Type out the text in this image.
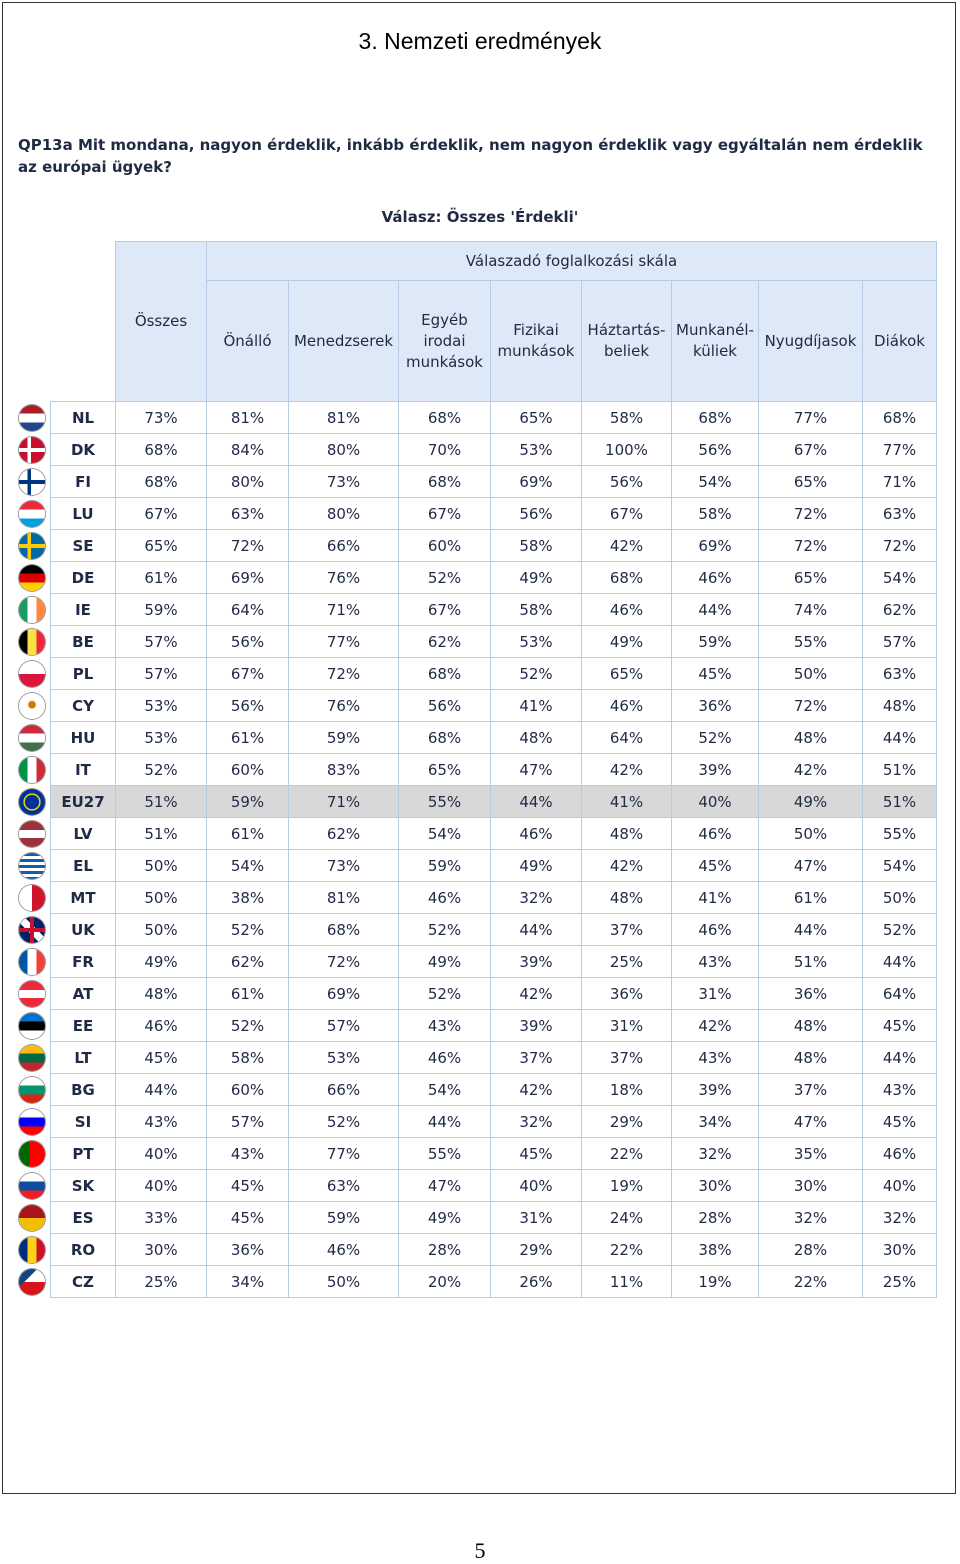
3. Nemzeti eredmények
QP13a Mit mondana, nagyon érdeklik, inkább érdeklik, nem nagyon érdeklik vagy egyáltalán nem érdeklik az európai ügyek?
Válasz: Összes 'Érdekli'
		Összes	Válaszadó foglalkozási skála							
			Önálló	Menedzserek	Egyéb irodai munkások	Fizikai munkások	Háztartás-beliek	Munkanél-küliek	Nyugdíjasok	Diákok

	NL	73%	81%	81%	68%	65%	58%	68%	77%	68%

	DK	68%	84%	80%	70%	53%	100%	56%	67%	77%

	FI	68%	80%	73%	68%	69%	56%	54%	65%	71%

	LU	67%	63%	80%	67%	56%	67%	58%	72%	63%

	SE	65%	72%	66%	60%	58%	42%	69%	72%	72%

	DE	61%	69%	76%	52%	49%	68%	46%	65%	54%

	IE	59%	64%	71%	67%	58%	46%	44%	74%	62%

	BE	57%	56%	77%	62%	53%	49%	59%	55%	57%

	PL	57%	67%	72%	68%	52%	65%	45%	50%	63%

	CY	53%	56%	76%	56%	41%	46%	36%	72%	48%

	HU	53%	61%	59%	68%	48%	64%	52%	48%	44%

	IT	52%	60%	83%	65%	47%	42%	39%	42%	51%

	EU27	51%	59%	71%	55%	44%	41%	40%	49%	51%

	LV	51%	61%	62%	54%	46%	48%	46%	50%	55%

	EL	50%	54%	73%	59%	49%	42%	45%	47%	54%

	MT	50%	38%	81%	46%	32%	48%	41%	61%	50%

	UK	50%	52%	68%	52%	44%	37%	46%	44%	52%

	FR	49%	62%	72%	49%	39%	25%	43%	51%	44%

	AT	48%	61%	69%	52%	42%	36%	31%	36%	64%

	EE	46%	52%	57%	43%	39%	31%	42%	48%	45%

	LT	45%	58%	53%	46%	37%	37%	43%	48%	44%

	BG	44%	60%	66%	54%	42%	18%	39%	37%	43%

	SI	43%	57%	52%	44%	32%	29%	34%	47%	45%

	PT	40%	43%	77%	55%	45%	22%	32%	35%	46%

	SK	40%	45%	63%	47%	40%	19%	30%	30%	40%

	ES	33%	45%	59%	49%	31%	24%	28%	32%	32%

	RO	30%	36%	46%	28%	29%	22%	38%	28%	30%

	CZ	25%	34%	50%	20%	26%	11%	19%	22%	25%
5
